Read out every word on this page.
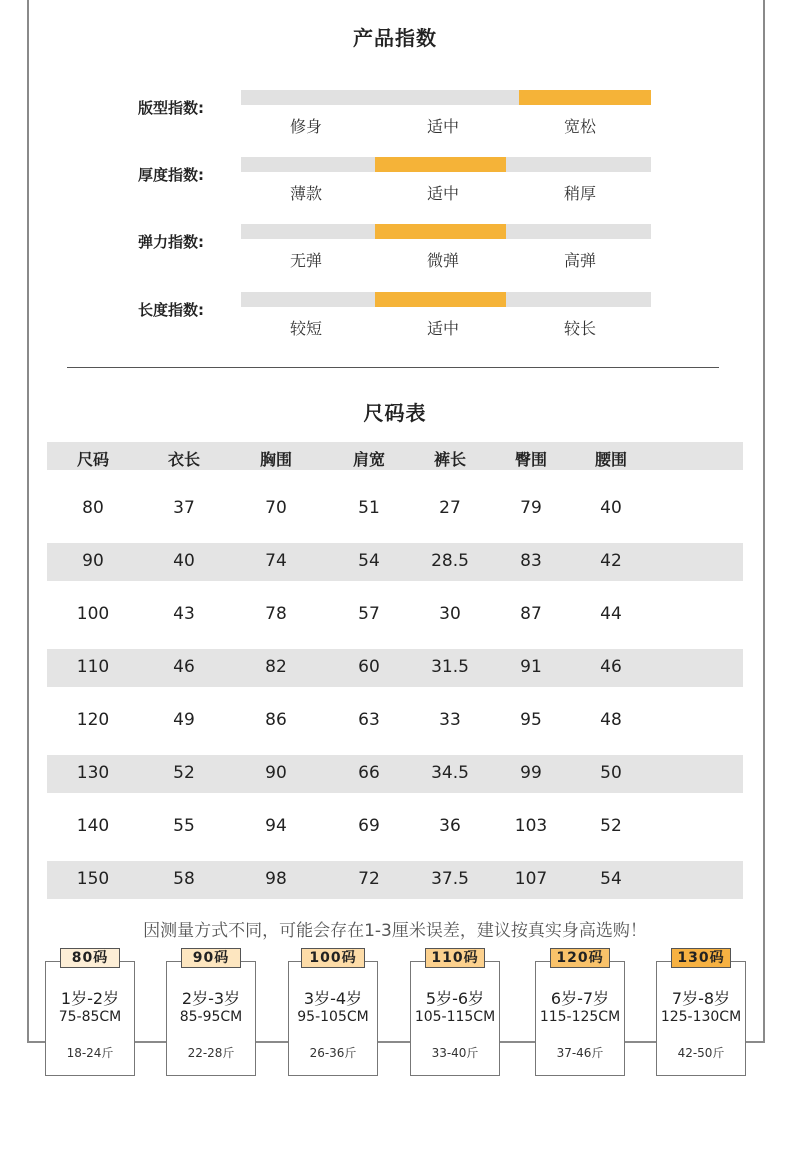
产品指数
版型指数:
修身	适中	宽松
厚度指数:
薄款	适中	稍厚
弹力指数:
无弹	微弹	高弹
长度指数:
较短	适中	较长
尺码表
尺码	衣长	胸围	肩宽	裤长	臀围	腰围
80	37	70	51	27	79	40
90	40	74	54	28.5	83	42
100	43	78	57	30	87	44
110	46	82	60	31.5	91	46
120	49	86	63	33	95	48
130	52	90	66	34.5	99	50
140	55	94	69	36	103	52
150	58	98	72	37.5	107	54
因测量方式不同，可能会存在1-3厘米误差，建议按真实身高选购！
1岁-2岁
75-85CM
18-24斤
80码
2岁-3岁
85-95CM
22-28斤
90码
3岁-4岁
95-105CM
26-36斤
100码
5岁-6岁
105-115CM
33-40斤
110码
6岁-7岁
115-125CM
37-46斤
120码
7岁-8岁
125-130CM
42-50斤
130码
